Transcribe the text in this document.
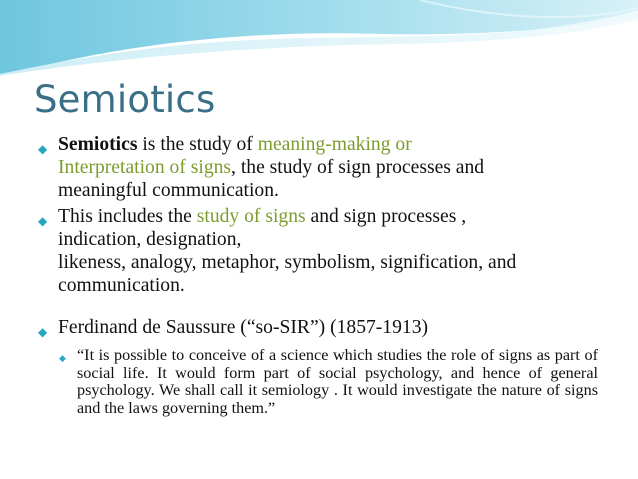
Semiotics
◆ Semiotics is the study of meaning-making or
Interpretation of signs, the study of sign processes and
meaningful communication.
◆ This includes the study of signs and sign processes ,
indication, designation,
likeness, analogy, metaphor, symbolism, signification, and
communication.
◆ Ferdinand de Saussure (“so-SIR”) (1857-1913)
◆ “It is possible to conceive of a science which studies the role of signs as part of social life. It would form part of social psychology, and hence of general psychology. We shall call it semiology . It would investigate the nature of signs and the laws governing them.”
